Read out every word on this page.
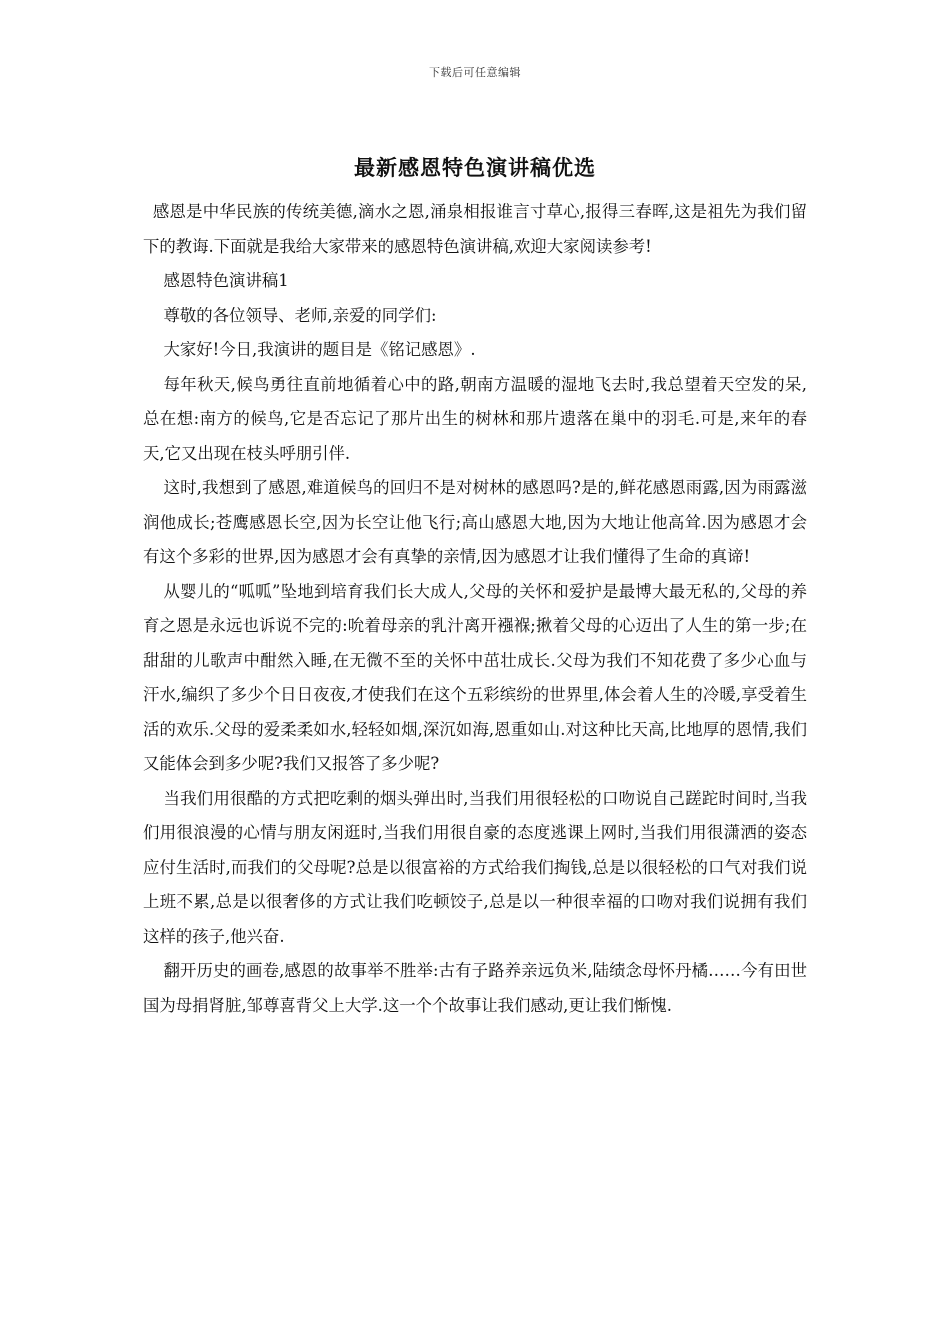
下载后可任意编辑
最新感恩特色演讲稿优选

感恩是中华民族的传统美德,滴水之恩,涌泉相报谁言寸草心,报得三春晖,这是祖先为我们留下的教诲.下面就是我给大家带来的感恩特色演讲稿,欢迎大家阅读参考!

感恩特色演讲稿1

尊敬的各位领导、老师,亲爱的同学们:

大家好!今日,我演讲的题目是《铭记感恩》.

每年秋天,候鸟勇往直前地循着心中的路,朝南方温暖的湿地飞去时,我总望着天空发的呆,总在想:南方的候鸟,它是否忘记了那片出生的树林和那片遗落在巢中的羽毛.可是,来年的春天,它又出现在枝头呼朋引伴.

这时,我想到了感恩,难道候鸟的回归不是对树林的感恩吗?是的,鲜花感恩雨露,因为雨露滋润他成长;苍鹰感恩长空,因为长空让他飞行;高山感恩大地,因为大地让他高耸.因为感恩才会有这个多彩的世界,因为感恩才会有真挚的亲情,因为感恩才让我们懂得了生命的真谛!

从婴儿的“呱呱”坠地到培育我们长大成人,父母的关怀和爱护是最博大最无私的,父母的养育之恩是永远也诉说不完的:吮着母亲的乳汁离开襁褓;揪着父母的心迈出了人生的第一步;在甜甜的儿歌声中酣然入睡,在无微不至的关怀中茁壮成长.父母为我们不知花费了多少心血与汗水,编织了多少个日日夜夜,才使我们在这个五彩缤纷的世界里,体会着人生的冷暖,享受着生活的欢乐.父母的爱柔柔如水,轻轻如烟,深沉如海,恩重如山.对这种比天高,比地厚的恩情,我们又能体会到多少呢?我们又报答了多少呢?

当我们用很酷的方式把吃剩的烟头弹出时,当我们用很轻松的口吻说自己蹉跎时间时,当我们用很浪漫的心情与朋友闲逛时,当我们用很自豪的态度逃课上网时,当我们用很潇洒的姿态应付生活时,而我们的父母呢?总是以很富裕的方式给我们掏钱,总是以很轻松的口气对我们说上班不累,总是以很奢侈的方式让我们吃顿饺子,总是以一种很幸福的口吻对我们说拥有我们这样的孩子,他兴奋.

翻开历史的画卷,感恩的故事举不胜举:古有子路养亲远负米,陆绩念母怀丹橘……今有田世国为母捐肾脏,邹尊喜背父上大学.这一个个故事让我们感动,更让我们惭愧.
